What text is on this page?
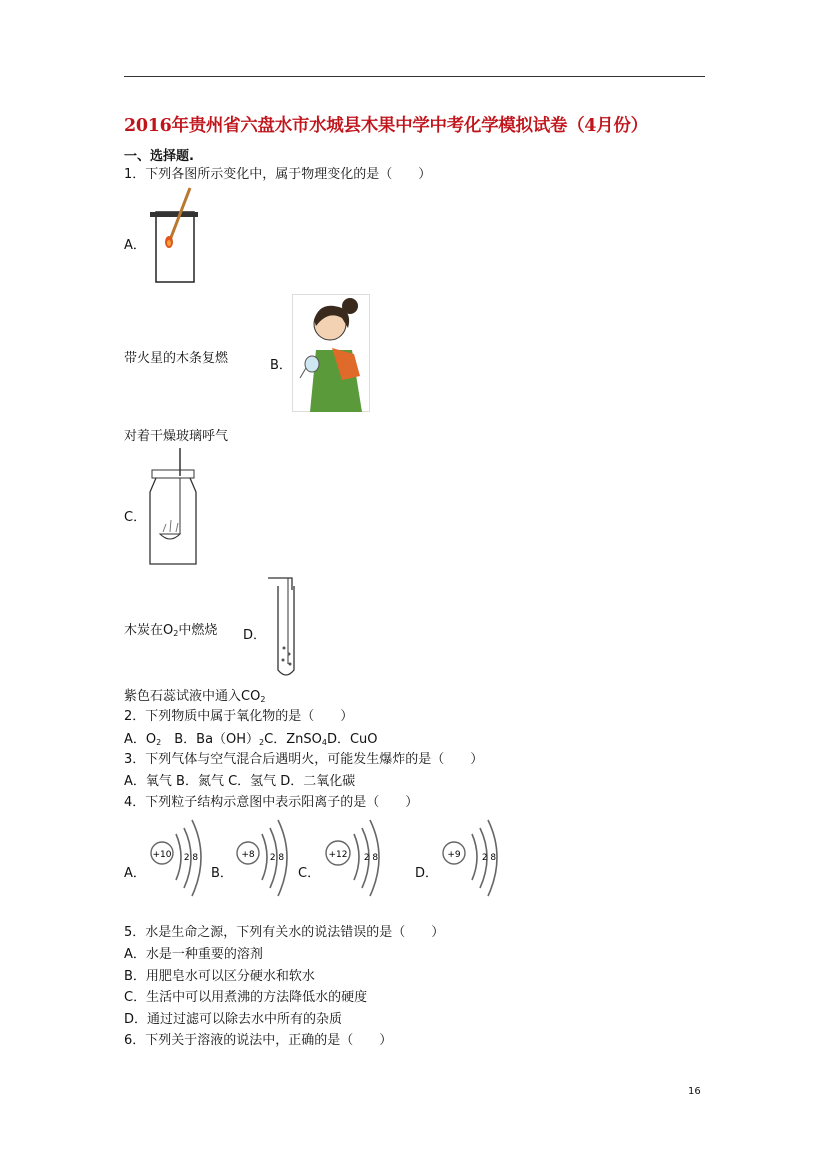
2016年贵州省六盘水市水城县木果中学中考化学模拟试卷（4月份）
一、选择题.
1．下列各图所示变化中，属于物理变化的是（　　）
A．
带火星的木条复燃	B．
对着干燥玻璃呼气
C．
木炭在$O_2$中燃烧 D．
紫色石蕊试液中通入$CO_2$
2．下列物质中属于氧化物的是（　　）
A．$O_2$　B．$Ba(OH)_2C$．ZnSO$_4$D．CuO
3．下列气体与空气混合后遇明火，可能发生爆炸的是（　　）
A．氧气 B．氮气 C．氢气 D．二氧化碳
4．下列粒子结构示意图中表示阳离子的是（　　）
A．
+10 2 8
B．
+8 2 8
C．
+12 2 8
D．
+9 2 8
5．水是生命之源，下列有关水的说法错误的是（　　）
A．水是一种重要的溶剂
B．用肥皂水可以区分硬水和软水
C．生活中可以用煮沸的方法降低水的硬度
D．通过过滤可以除去水中所有的杂质
6．下列关于溶液的说法中，正确的是（　　）
16
